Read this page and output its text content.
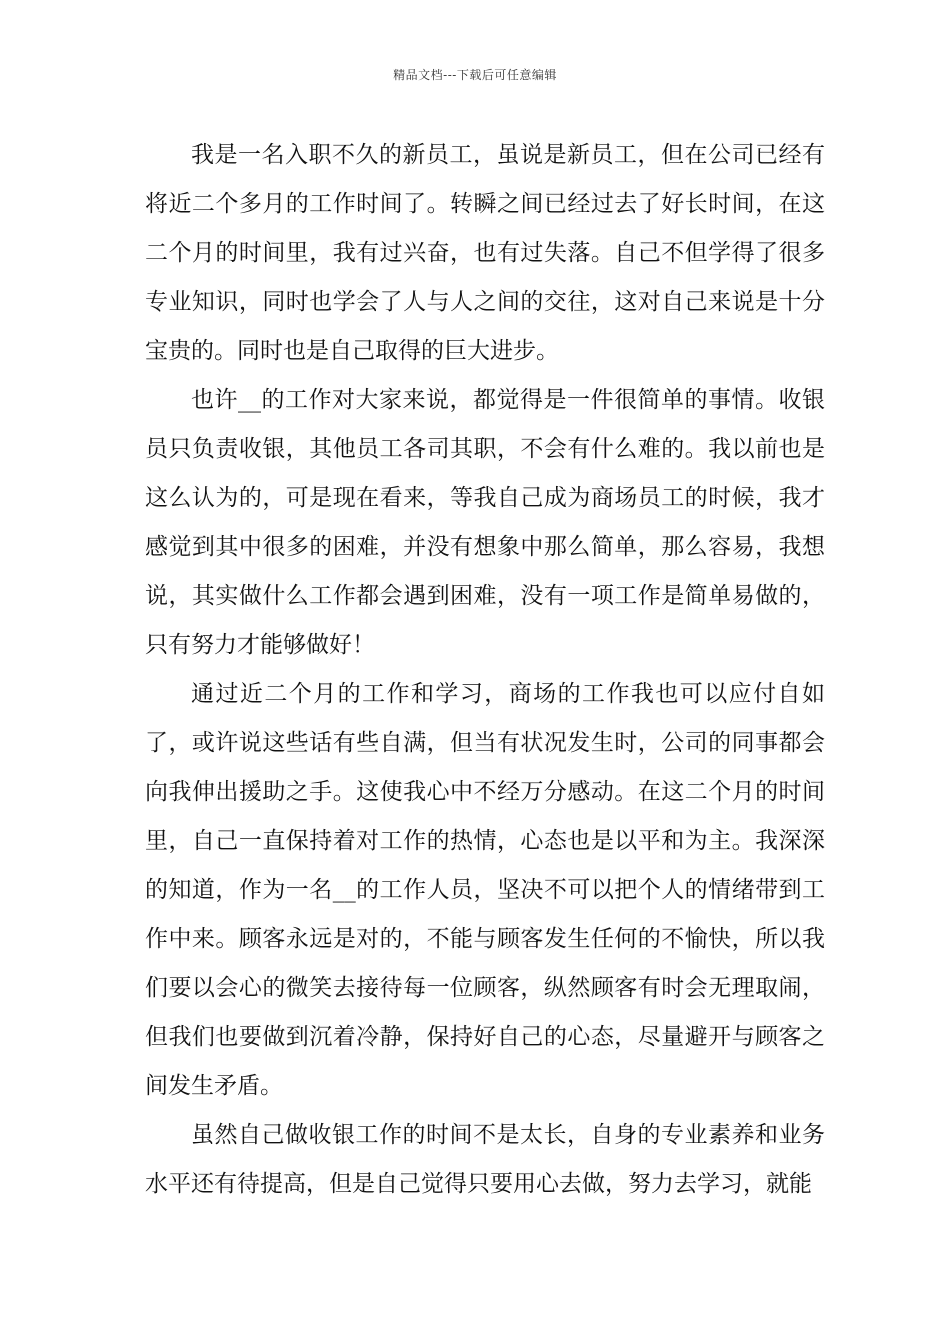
精品文档---下载后可任意编辑

我是一名入职不久的新员工，虽说是新员工，但在公司已经有将近二个多月的工作时间了。转瞬之间已经过去了好长时间，在这二个月的时间里，我有过兴奋，也有过失落。自己不但学得了很多专业知识，同时也学会了人与人之间的交往，这对自己来说是十分宝贵的。同时也是自己取得的巨大进步。

也许__的工作对大家来说，都觉得是一件很简单的事情。收银员只负责收银，其他员工各司其职，不会有什么难的。我以前也是这么认为的，可是现在看来，等我自己成为商场员工的时候，我才感觉到其中很多的困难，并没有想象中那么简单，那么容易，我想说，其实做什么工作都会遇到困难，没有一项工作是简单易做的，只有努力才能够做好！

通过近二个月的工作和学习，商场的工作我也可以应付自如了，或许说这些话有些自满，但当有状况发生时，公司的同事都会向我伸出援助之手。这使我心中不经万分感动。在这二个月的时间里，自己一直保持着对工作的热情，心态也是以平和为主。我深深的知道，作为一名__的工作人员，坚决不可以把个人的情绪带到工作中来。顾客永远是对的，不能与顾客发生任何的不愉快，所以我们要以会心的微笑去接待每一位顾客，纵然顾客有时会无理取闹，但我们也要做到沉着冷静，保持好自己的心态，尽量避开与顾客之间发生矛盾。

虽然自己做收银工作的时间不是太长，自身的专业素养和业务水平还有待提高，但是自己觉得只要用心去做，努力去学习，就能
